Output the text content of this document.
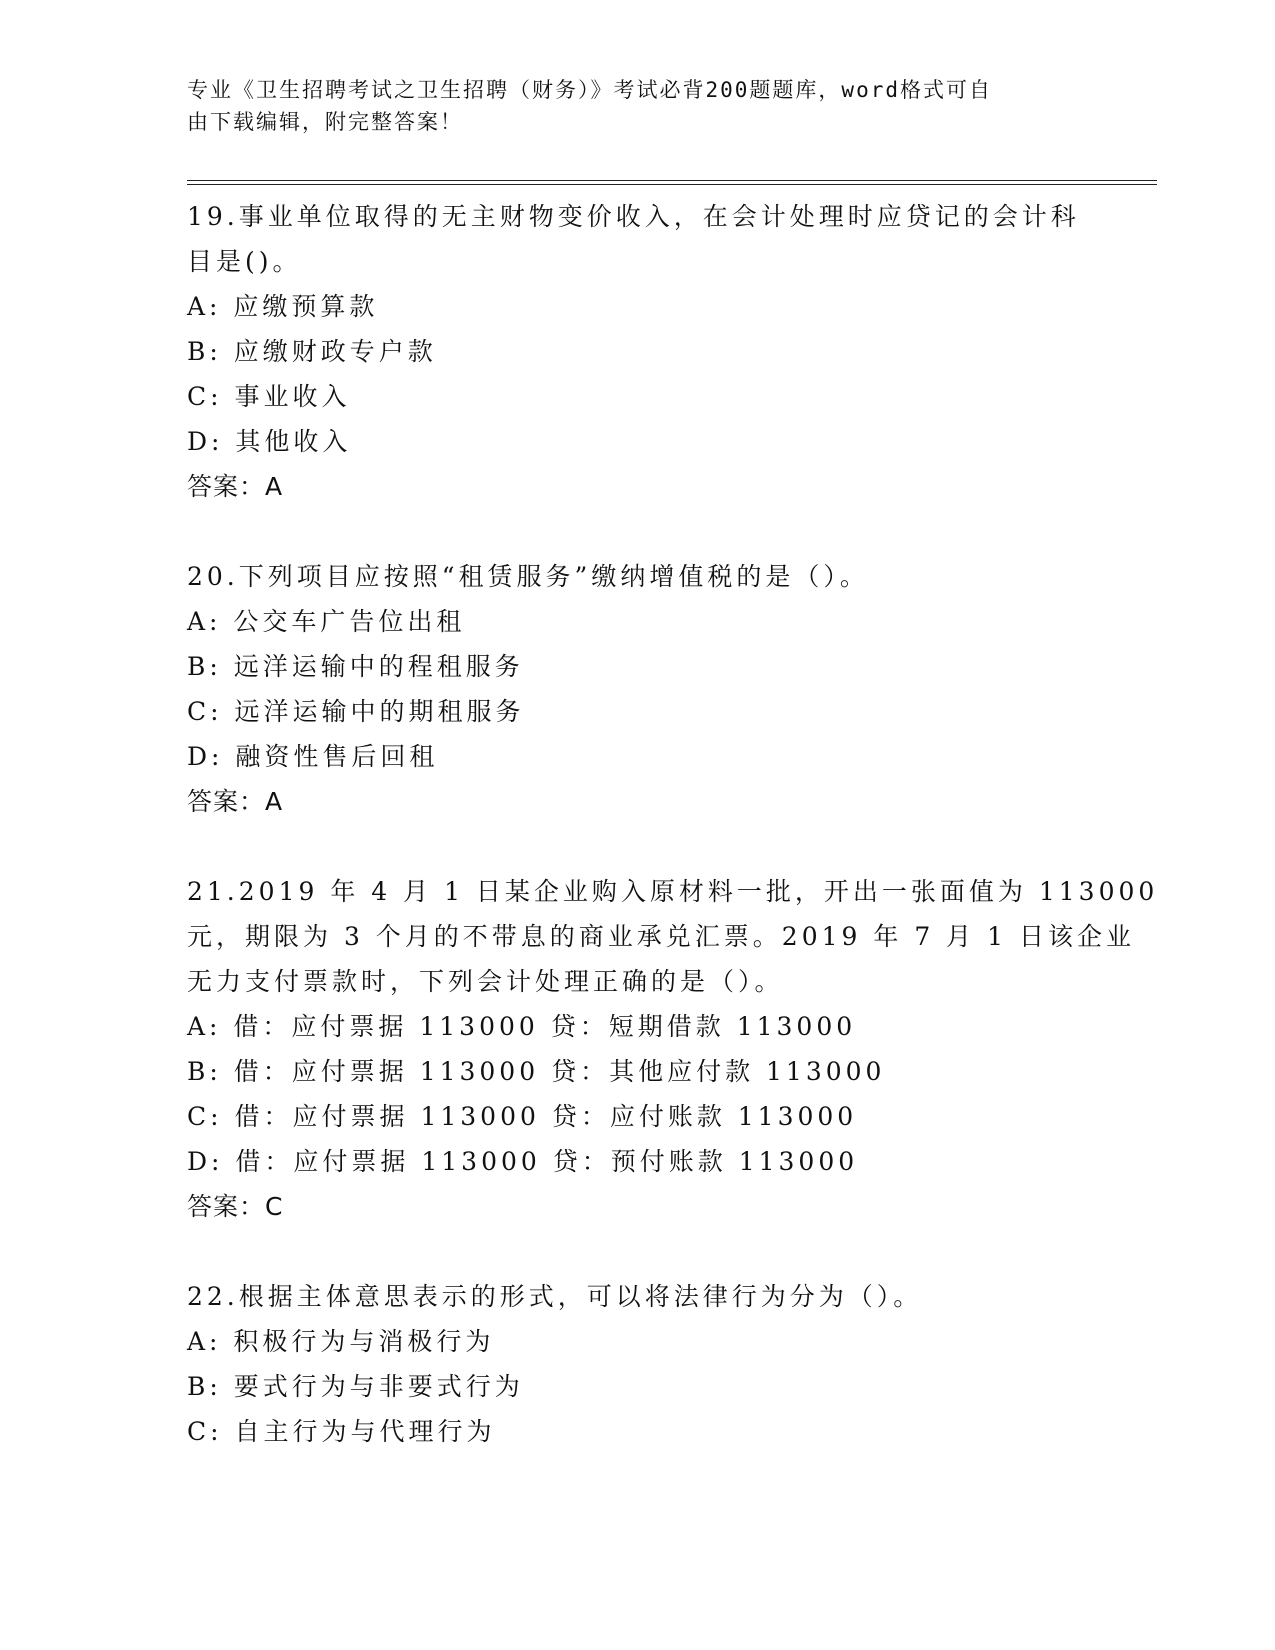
专业《卫生招聘考试之卫生招聘（财务）》考试必背200题题库，word格式可自
由下载编辑，附完整答案！
19.事业单位取得的无主财物变价收入，在会计处理时应贷记的会计科
目是()。
A: 应缴预算款
B: 应缴财政专户款
C: 事业收入
D: 其他收入
答案：A
20.下列项目应按照“租赁服务”缴纳增值税的是（）。
A: 公交车广告位出租
B: 远洋运输中的程租服务
C: 远洋运输中的期租服务
D: 融资性售后回租
答案：A
21.2019 年 4 月 1 日某企业购入原材料一批，开出一张面值为 113000
元，期限为 3 个月的不带息的商业承兑汇票。2019 年 7 月 1 日该企业
无力支付票款时，下列会计处理正确的是（）。
A: 借：应付票据 113000 贷：短期借款 113000
B: 借：应付票据 113000 贷：其他应付款 113000
C: 借：应付票据 113000 贷：应付账款 113000
D: 借：应付票据 113000 贷：预付账款 113000
答案：C
22.根据主体意思表示的形式，可以将法律行为分为（）。
A: 积极行为与消极行为
B: 要式行为与非要式行为
C: 自主行为与代理行为
